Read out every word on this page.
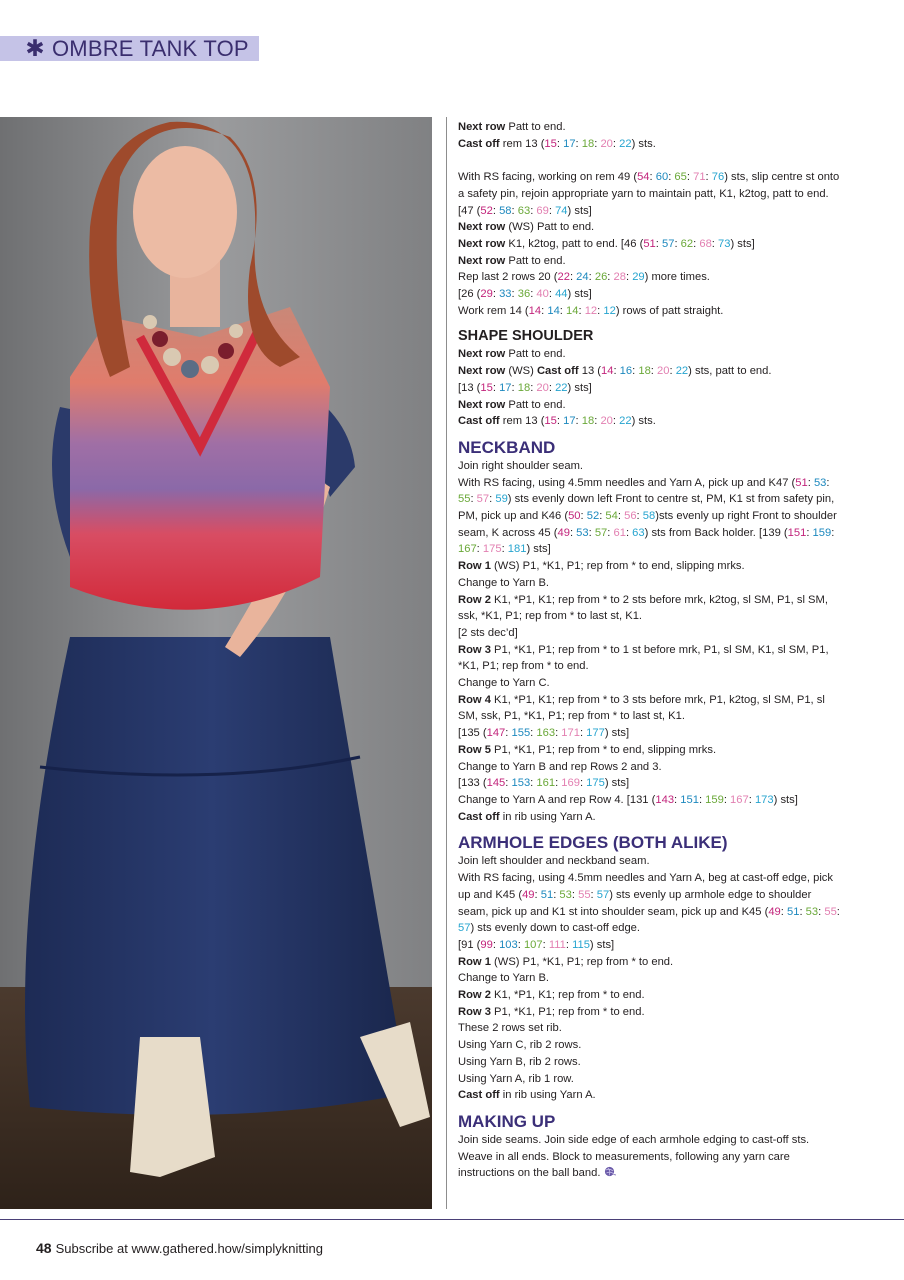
✱ OMBRE TANK TOP

Next row Patt to end.

Cast off rem 13 (15: 17: 18: 20: 22) sts.

With RS facing, working on rem 49 (54: 60: 65: 71: 76) sts, slip centre st onto a safety pin, rejoin appropriate yarn to maintain patt, K1, k2tog, patt to end. [47 (52: 58: 63: 69: 74) sts]

Next row (WS) Patt to end.

Next row K1, k2tog, patt to end. [46 (51: 57: 62: 68: 73) sts]

Next row Patt to end.

Rep last 2 rows 20 (22: 24: 26: 28: 29) more times.

[26 (29: 33: 36: 40: 44) sts]

Work rem 14 (14: 14: 14: 12: 12) rows of patt straight.

SHAPE SHOULDER

Next row Patt to end.

Next row (WS) Cast off 13 (14: 16: 18: 20: 22) sts, patt to end.

[13 (15: 17: 18: 20: 22) sts]

Next row Patt to end.

Cast off rem 13 (15: 17: 18: 20: 22) sts.

NECKBAND

Join right shoulder seam.

With RS facing, using 4.5mm needles and Yarn A, pick up and K47 (51: 53: 55: 57: 59) sts evenly down left Front to centre st, PM, K1 st from safety pin, PM, pick up and K46 (50: 52: 54: 56: 58)sts evenly up right Front to shoulder seam, K across 45 (49: 53: 57: 61: 63) sts from Back holder. [139 (151: 159: 167: 175: 181) sts]

Row 1 (WS) P1, *K1, P1; rep from * to end, slipping mrks.

Change to Yarn B.

Row 2 K1, *P1, K1; rep from * to 2 sts before mrk, k2tog, sl SM, P1, sl SM, ssk, *K1, P1; rep from * to last st, K1.

[2 sts dec’d]

Row 3 P1, *K1, P1; rep from * to 1 st before mrk, P1, sl SM, K1, sl SM, P1, *K1, P1; rep from * to end.

Change to Yarn C.

Row 4 K1, *P1, K1; rep from * to 3 sts before mrk, P1, k2tog, sl SM, P1, sl SM, ssk, P1, *K1, P1; rep from * to last st, K1.

[135 (147: 155: 163: 171: 177) sts]

Row 5 P1, *K1, P1; rep from * to end, slipping mrks.

Change to Yarn B and rep Rows 2 and 3.

[133 (145: 153: 161: 169: 175) sts]

Change to Yarn A and rep Row 4. [131 (143: 151: 159: 167: 173) sts]

Cast off in rib using Yarn A.

ARMHOLE EDGES (BOTH ALIKE)

Join left shoulder and neckband seam.

With RS facing, using 4.5mm needles and Yarn A, beg at cast-off edge, pick up and K45 (49: 51: 53: 55: 57) sts evenly up armhole edge to shoulder seam, pick up and K1 st into shoulder seam, pick up and K45 (49: 51: 53: 55: 57) sts evenly down to cast-off edge.

[91 (99: 103: 107: 111: 115) sts]

Row 1 (WS) P1, *K1, P1; rep from * to end.

Change to Yarn B.

Row 2 K1, *P1, K1; rep from * to end.

Row 3 P1, *K1, P1; rep from * to end.

These 2 rows set rib.

Using Yarn C, rib 2 rows.

Using Yarn B, rib 2 rows.

Using Yarn A, rib 1 row.

Cast off in rib using Yarn A.

MAKING UP

Join side seams. Join side edge of each armhole edging to cast-off sts. Weave in all ends. Block to measurements, following any yarn care instructions on the ball band.

48 Subscribe at www.gathered.how/simplyknitting
